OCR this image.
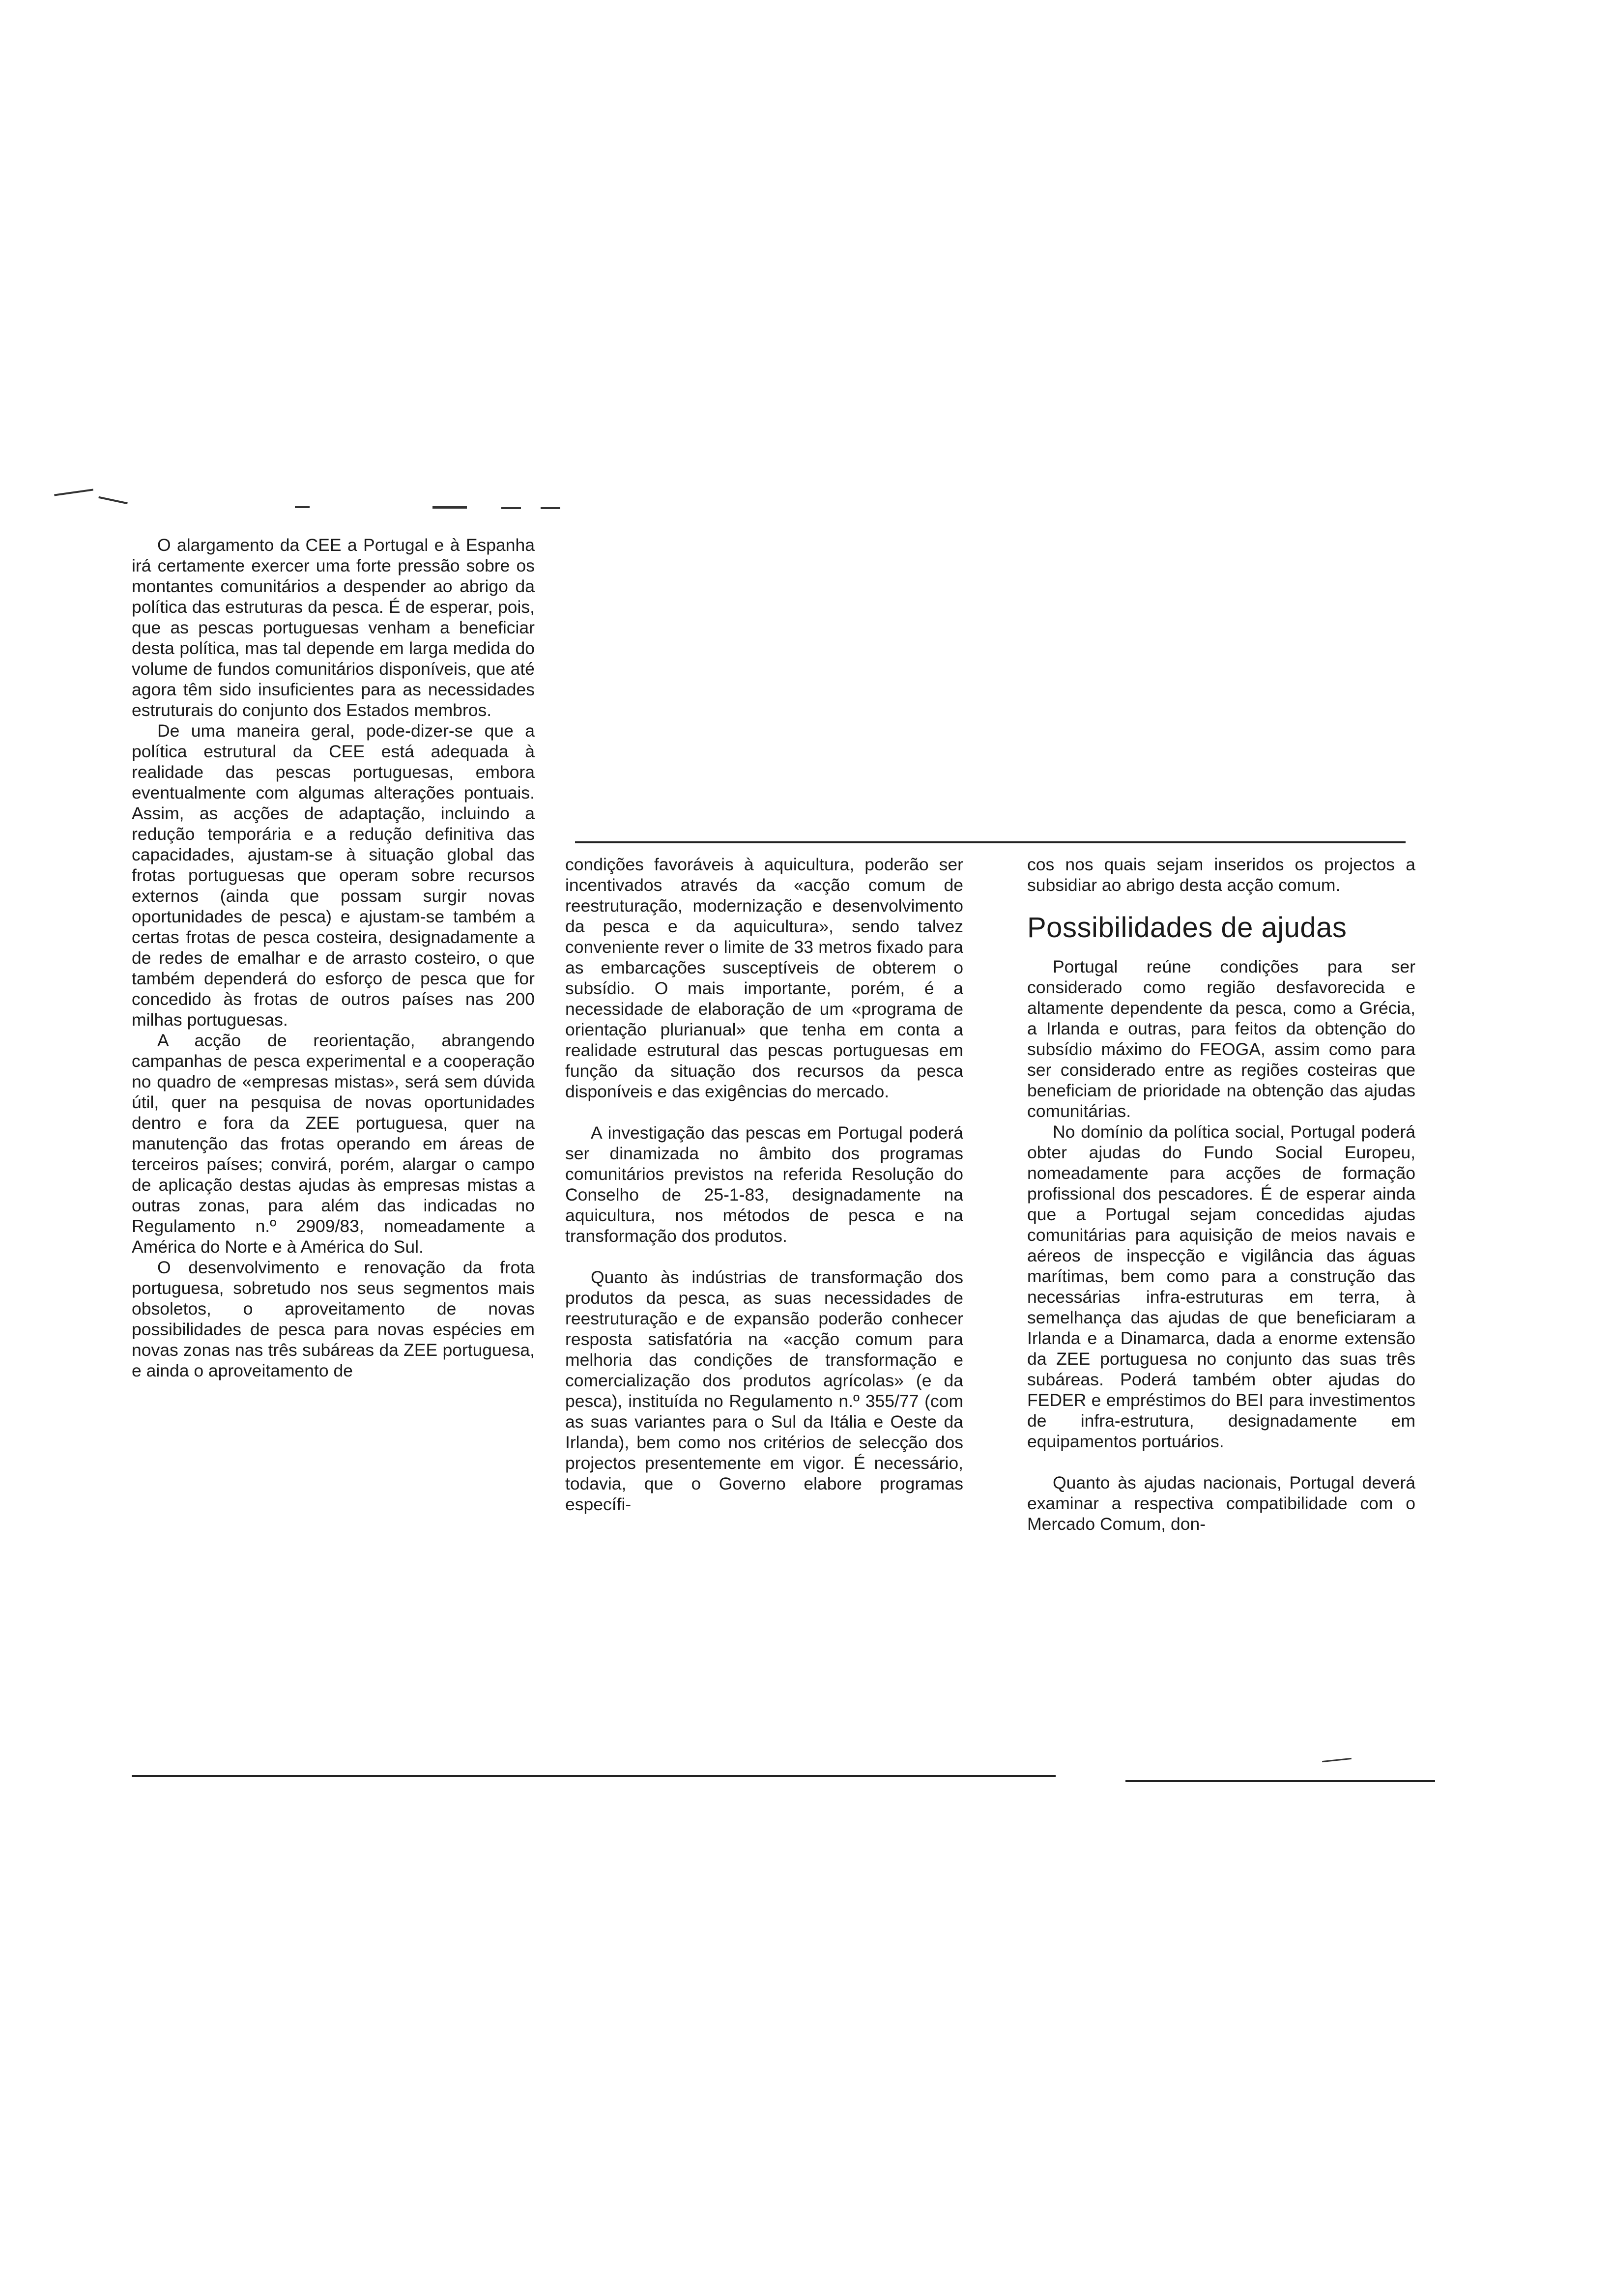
O alargamento da CEE a Portugal e à Espanha irá certamente exercer uma forte pressão sobre os montantes comunitários a despender ao abrigo da política das estruturas da pesca. É de esperar, pois, que as pescas portuguesas venham a beneficiar desta política, mas tal depende em larga medida do volume de fundos comunitários disponíveis, que até agora têm sido insuficientes para as necessidades estruturais do conjunto dos Estados membros.

De uma maneira geral, pode-dizer-se que a política estrutural da CEE está adequada à realidade das pescas portuguesas, embora eventualmente com algumas alterações pontuais. Assim, as acções de adaptação, incluindo a redução temporária e a redução definitiva das capacidades, ajustam-se à situação global das frotas portuguesas que operam sobre recursos externos (ainda que possam surgir novas oportunidades de pesca) e ajustam-se também a certas frotas de pesca costeira, designadamente a de redes de emalhar e de arrasto costeiro, o que também dependerá do esforço de pesca que for concedido às frotas de outros países nas 200 milhas portuguesas.

A acção de reorientação, abrangendo campanhas de pesca experimental e a cooperação no quadro de «empresas mistas», será sem dúvida útil, quer na pesquisa de novas oportunidades dentro e fora da ZEE portuguesa, quer na manutenção das frotas operando em áreas de terceiros países; convirá, porém, alargar o campo de aplicação destas ajudas às empresas mistas a outras zonas, para além das indicadas no Regulamento n.º 2909/83, nomeadamente a América do Norte e à América do Sul.

O desenvolvimento e renovação da frota portuguesa, sobretudo nos seus segmentos mais obsoletos, o aproveitamento de novas possibilidades de pesca para novas espécies em novas zonas nas três subáreas da ZEE portuguesa, e ainda o aproveitamento de

condições favoráveis à aquicultura, poderão ser incentivados através da «acção comum de reestruturação, modernização e desenvolvimento da pesca e da aquicultura», sendo talvez conveniente rever o limite de 33 metros fixado para as embarcações susceptíveis de obterem o subsídio. O mais importante, porém, é a necessidade de elaboração de um «programa de orientação plurianual» que tenha em conta a realidade estrutural das pescas portuguesas em função da situação dos recursos da pesca disponíveis e das exigências do mercado.

A investigação das pescas em Portugal poderá ser dinamizada no âmbito dos programas comunitários previstos na referida Resolução do Conselho de 25-1-83, designadamente na aquicultura, nos métodos de pesca e na transformação dos produtos.

Quanto às indústrias de transformação dos produtos da pesca, as suas necessidades de reestruturação e de expansão poderão conhecer resposta satisfatória na «acção comum para melhoria das condições de transformação e comercialização dos produtos agrícolas» (e da pesca), instituída no Regulamento n.º 355/77 (com as suas variantes para o Sul da Itália e Oeste da Irlanda), bem como nos critérios de selecção dos projectos presentemente em vigor. É necessário, todavia, que o Governo elabore programas específi-

cos nos quais sejam inseridos os projectos a subsidiar ao abrigo desta acção comum.

Possibilidades de ajudas

Portugal reúne condições para ser considerado como região desfavorecida e altamente dependente da pesca, como a Grécia, a Irlanda e outras, para feitos da obtenção do subsídio máximo do FEOGA, assim como para ser considerado entre as regiões costeiras que beneficiam de prioridade na obtenção das ajudas comunitárias.

No domínio da política social, Portugal poderá obter ajudas do Fundo Social Europeu, nomeadamente para acções de formação profissional dos pescadores. É de esperar ainda que a Portugal sejam concedidas ajudas comunitárias para aquisição de meios navais e aéreos de inspecção e vigilância das águas marítimas, bem como para a construção das necessárias infra-estruturas em terra, à semelhança das ajudas de que beneficiaram a Irlanda e a Dinamarca, dada a enorme extensão da ZEE portuguesa no conjunto das suas três subáreas. Poderá também obter ajudas do FEDER e empréstimos do BEI para investimentos de infra-estrutura, designadamente em equipamentos portuários.

Quanto às ajudas nacionais, Portugal deverá examinar a respectiva compatibilidade com o Mercado Comum, don-
